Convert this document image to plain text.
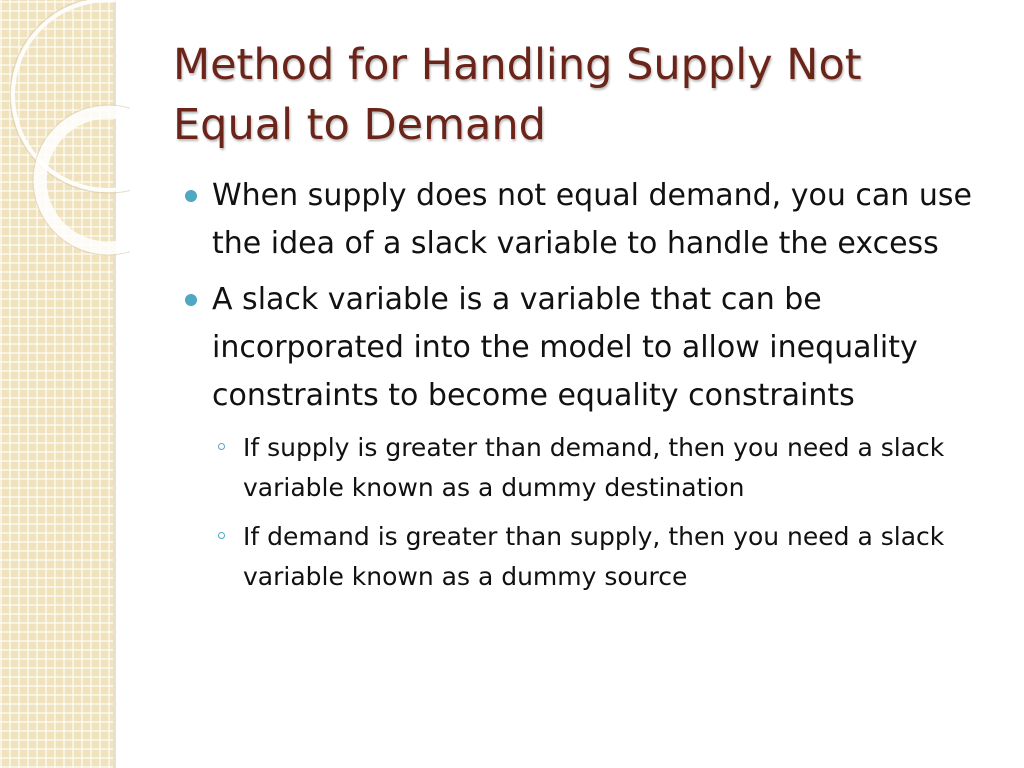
Method for Handling Supply Not Equal to Demand
When supply does not equal demand, you can use the idea of a slack variable to handle the excess
A slack variable is a variable that can be incorporated into the model to allow inequality constraints to become equality constraints
If supply is greater than demand, then you need a slack variable known as a dummy destination
If demand is greater than supply, then you need a slack variable known as a dummy source
